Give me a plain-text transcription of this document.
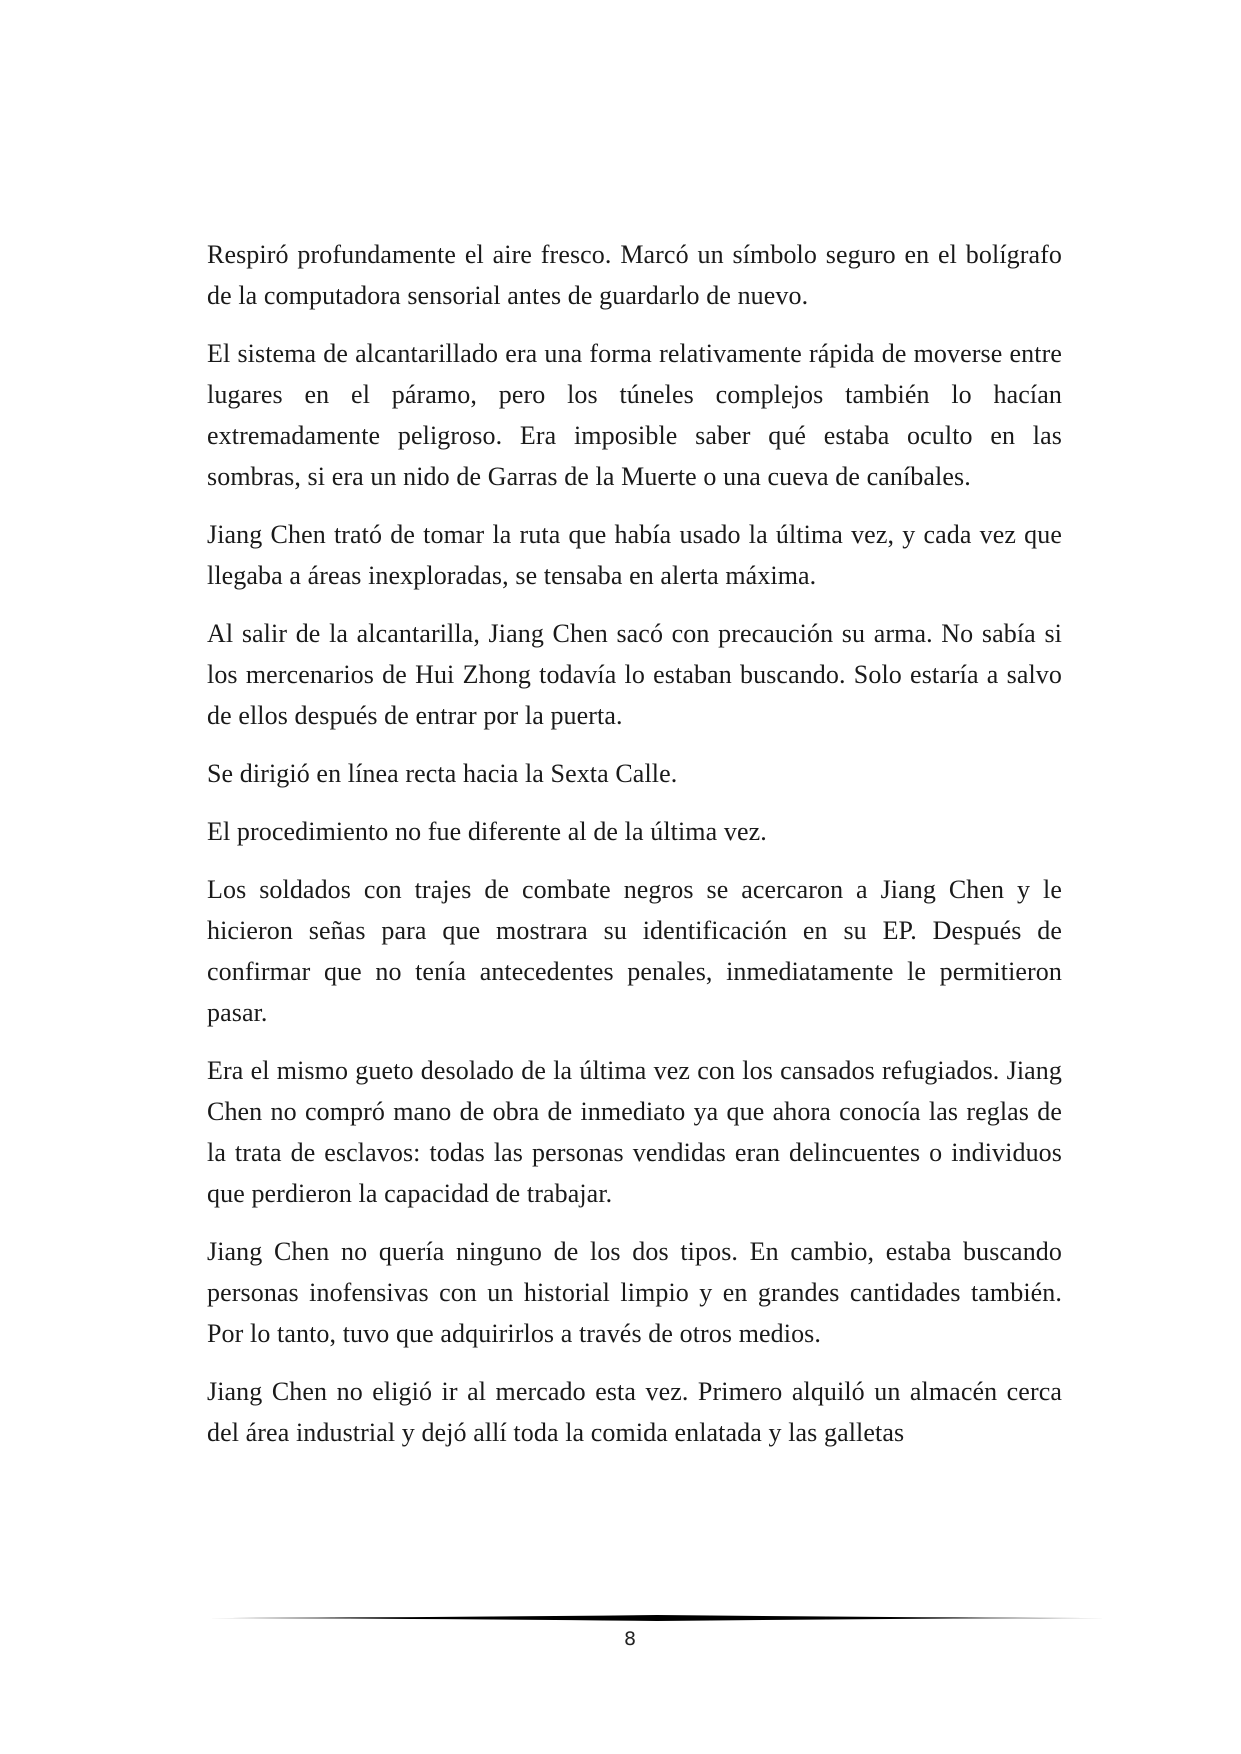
Respiró profundamente el aire fresco. Marcó un símbolo seguro en el bolígrafo de la computadora sensorial antes de guardarlo de nuevo.

El sistema de alcantarillado era una forma relativamente rápida de moverse entre lugares en el páramo, pero los túneles complejos también lo hacían extremadamente peligroso. Era imposible saber qué estaba oculto en las sombras, si era un nido de Garras de la Muerte o una cueva de caníbales.

Jiang Chen trató de tomar la ruta que había usado la última vez, y cada vez que llegaba a áreas inexploradas, se tensaba en alerta máxima.

Al salir de la alcantarilla, Jiang Chen sacó con precaución su arma. No sabía si los mercenarios de Hui Zhong todavía lo estaban buscando. Solo estaría a salvo de ellos después de entrar por la puerta.

Se dirigió en línea recta hacia la Sexta Calle.

El procedimiento no fue diferente al de la última vez.

Los soldados con trajes de combate negros se acercaron a Jiang Chen y le hicieron señas para que mostrara su identificación en su EP. Después de confirmar que no tenía antecedentes penales, inmediatamente le permitieron pasar.

Era el mismo gueto desolado de la última vez con los cansados refugiados. Jiang Chen no compró mano de obra de inmediato ya que ahora conocía las reglas de la trata de esclavos: todas las personas vendidas eran delincuentes o individuos que perdieron la capacidad de trabajar.

Jiang Chen no quería ninguno de los dos tipos. En cambio, estaba buscando personas inofensivas con un historial limpio y en grandes cantidades también. Por lo tanto, tuvo que adquirirlos a través de otros medios.

Jiang Chen no eligió ir al mercado esta vez. Primero alquiló un almacén cerca del área industrial y dejó allí toda la comida enlatada y las galletas

8
